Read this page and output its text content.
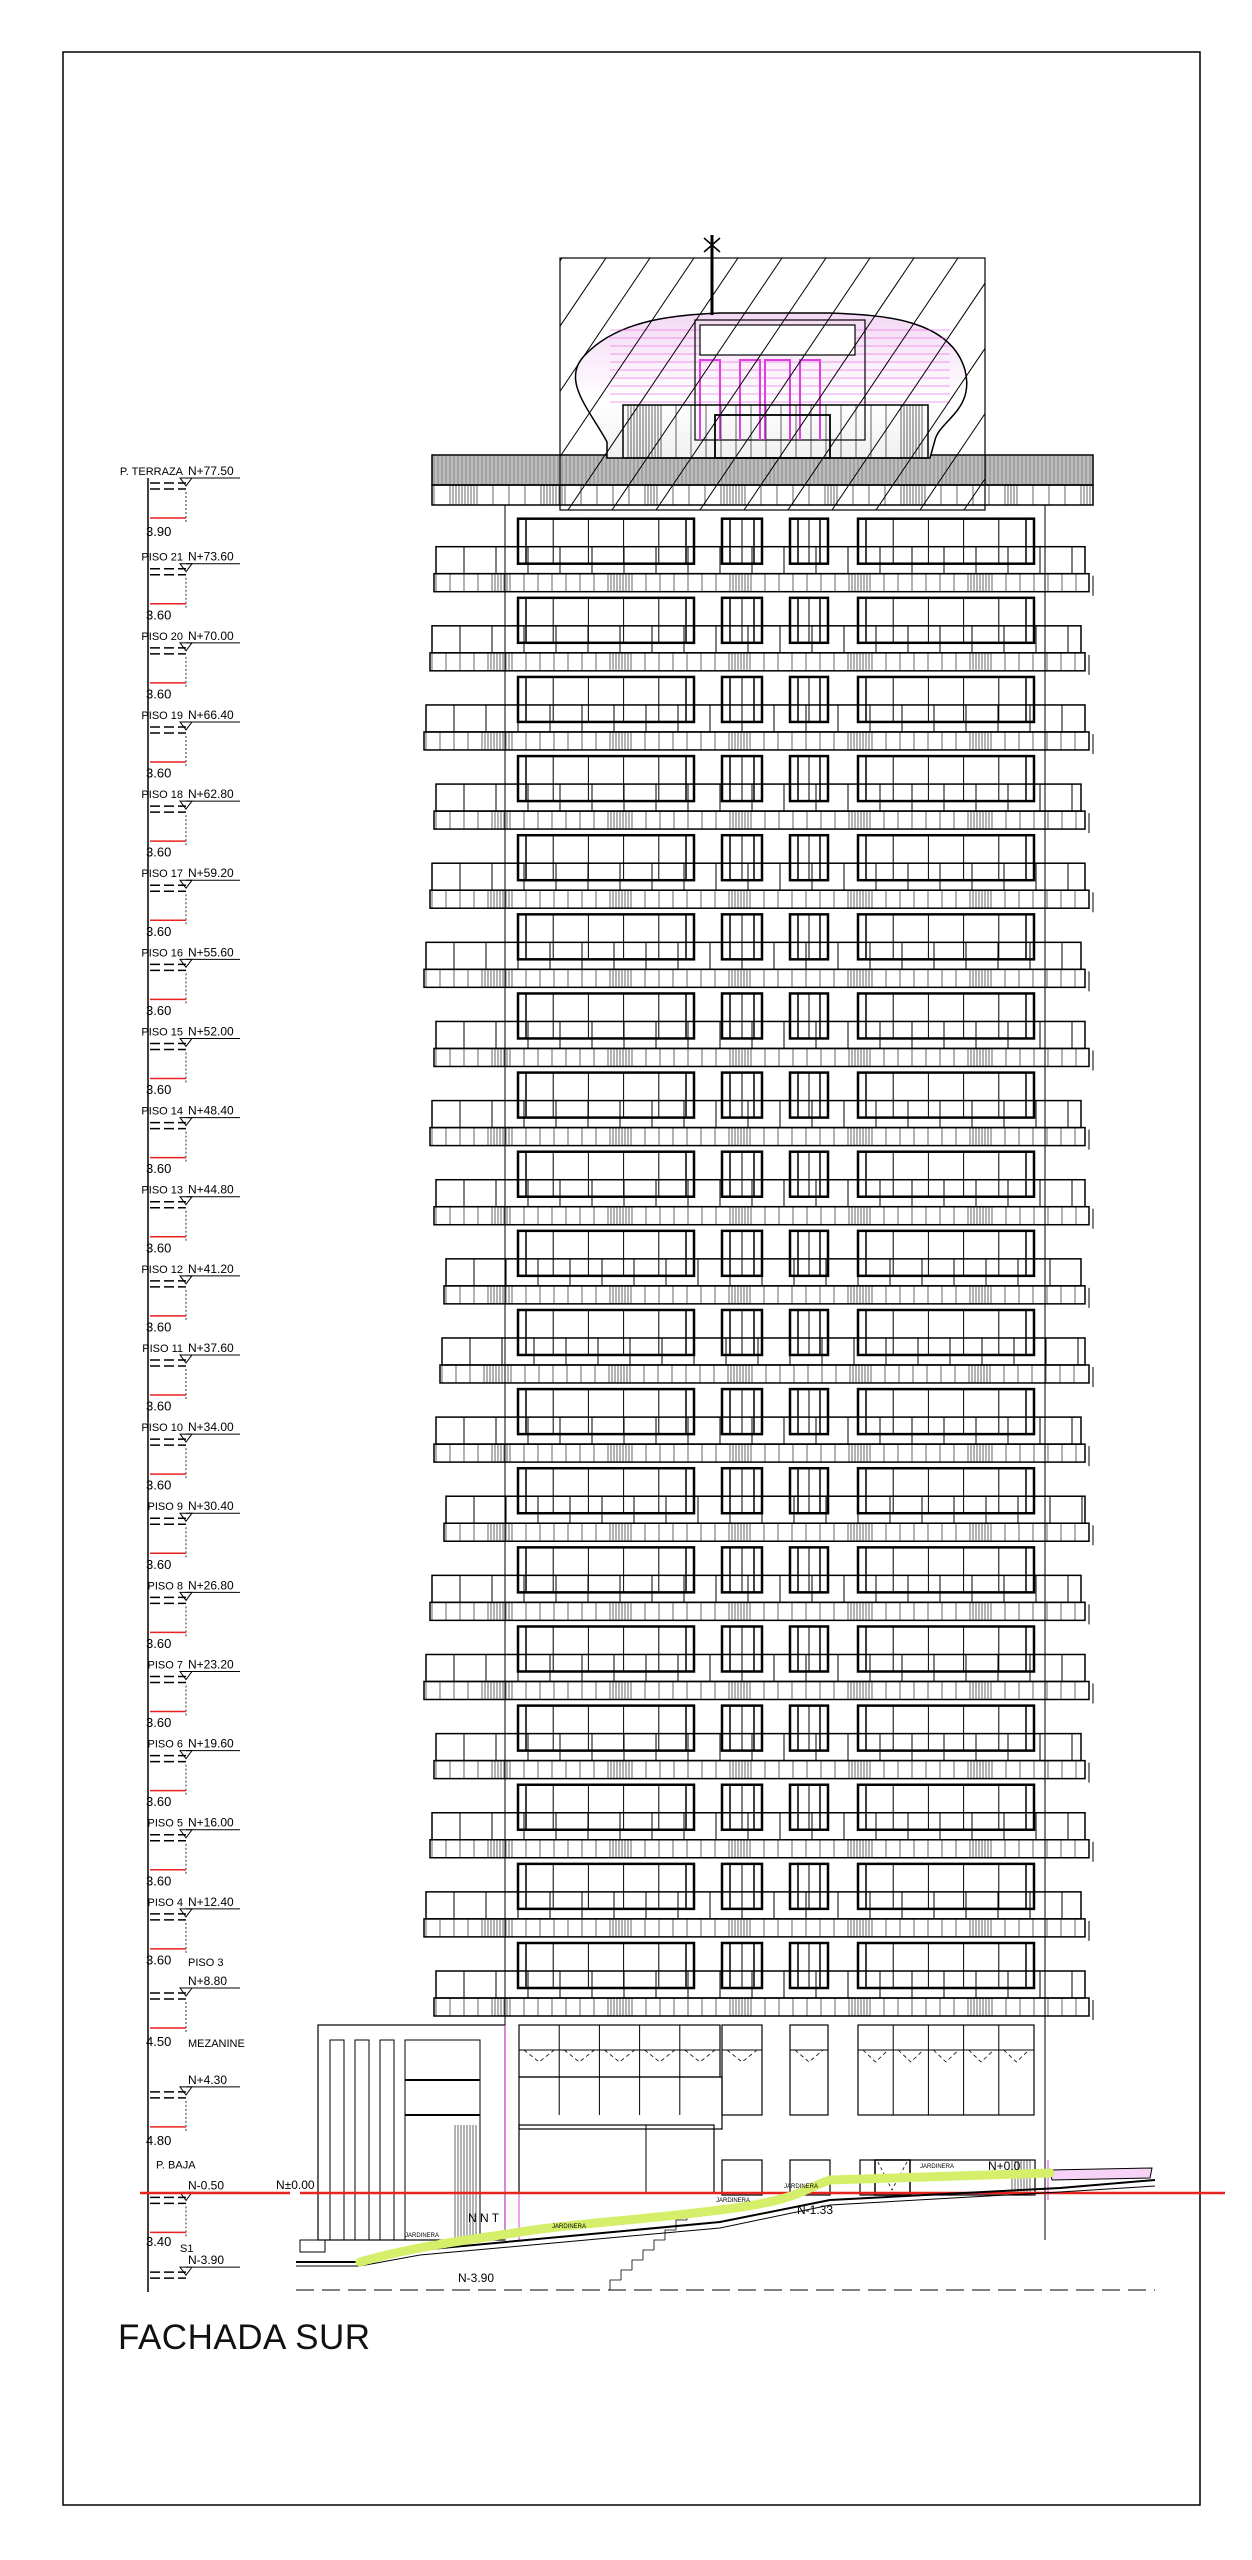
P. TERRAZA N+77.50
3.90
PISO 21 N+73.60
3.60
PISO 20 N+70.00
3.60
PISO 19 N+66.40
3.60
PISO 18 N+62.80
3.60
PISO 17 N+59.20
3.60
PISO 16 N+55.60
3.60
PISO 15 N+52.00
3.60
PISO 14 N+48.40
3.60
PISO 13 N+44.80
3.60
PISO 12 N+41.20
3.60
PISO 11 N+37.60
3.60
PISO 10 N+34.00
3.60
PISO 9 N+30.40
3.60
PISO 8 N+26.80
3.60
PISO 7 N+23.20
3.60
PISO 6 N+19.60
3.60
PISO 5 N+16.00
3.60
PISO 4 N+12.40
3.60 PISO 3
N+8.80
4.50 MEZANINE
N+4.30
4.80
P. BAJA
N-0.50
3.40
S1
N-3.90
N±0.00
JARDINERA
JARDINERA
JARDINERA
JARDINERA
JARDINERA
N N T
N-1.33
N-3.90
N+0.0
FACHADA SUR
